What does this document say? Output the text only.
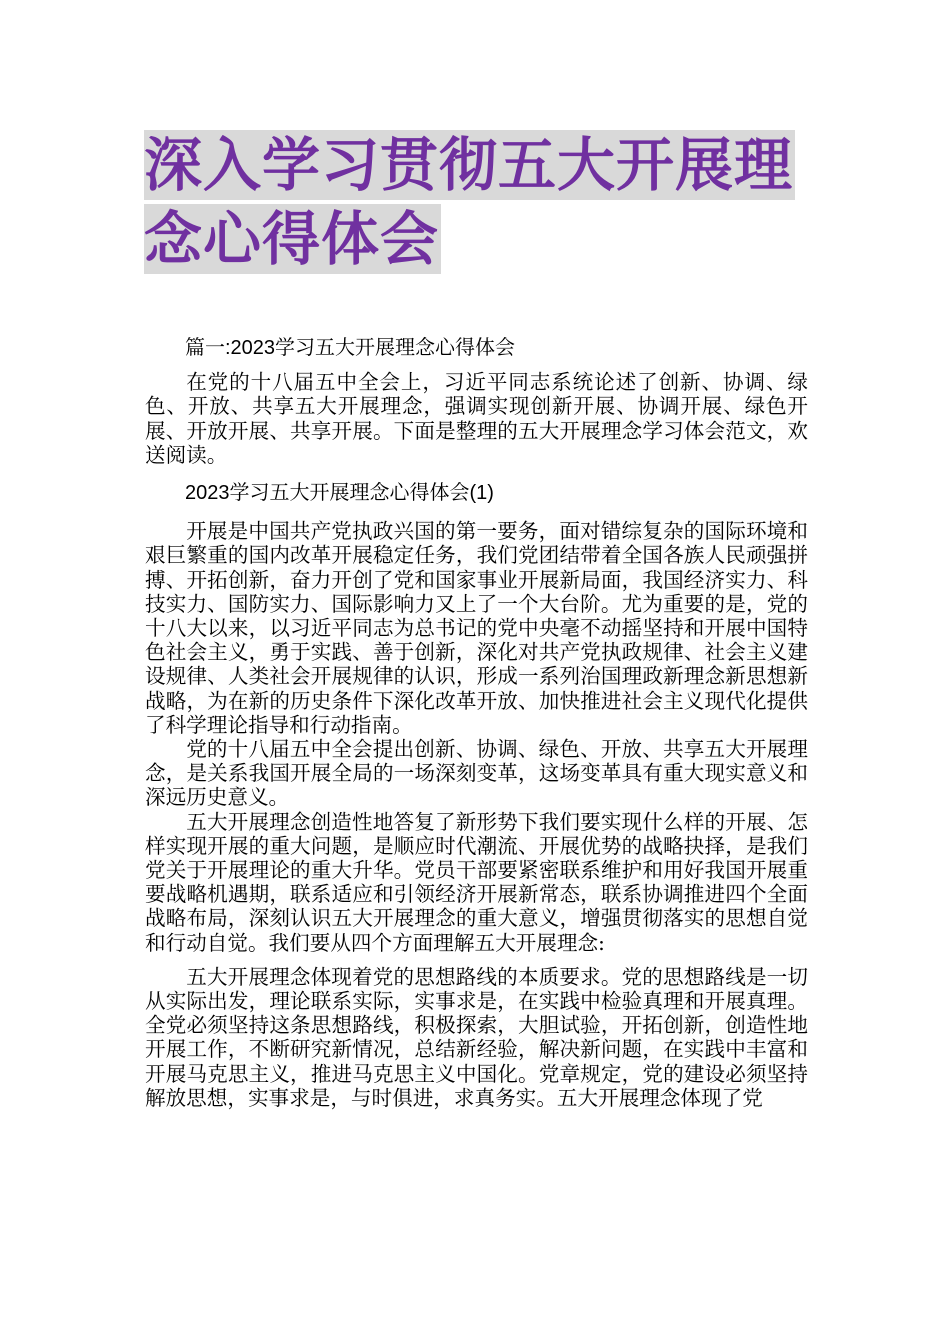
深入学习贯彻五大开展理
念心得体会

篇一:2023学习五大开展理念心得体会

在党的十八届五中全会上，习近平同志系统论述了创新、协调、绿色、开放、共享五大开展理念，强调实现创新开展、协调开展、绿色开展、开放开展、共享开展。下面是整理的五大开展理念学习体会范文，欢送阅读。

2023学习五大开展理念心得体会(1)

开展是中国共产党执政兴国的第一要务，面对错综复杂的国际环境和艰巨繁重的国内改革开展稳定任务，我们党团结带着全国各族人民顽强拼搏、开拓创新，奋力开创了党和国家事业开展新局面，我国经济实力、科技实力、国防实力、国际影响力又上了一个大台阶。尤为重要的是，党的十八大以来，以习近平同志为总书记的党中央毫不动摇坚持和开展中国特色社会主义，勇于实践、善于创新，深化对共产党执政规律、社会主义建设规律、人类社会开展规律的认识，形成一系列治国理政新理念新思想新战略，为在新的历史条件下深化改革开放、加快推进社会主义现代化提供了科学理论指导和行动指南。

党的十八届五中全会提出创新、协调、绿色、开放、共享五大开展理念，是关系我国开展全局的一场深刻变革，这场变革具有重大现实意义和深远历史意义。

五大开展理念创造性地答复了新形势下我们要实现什么样的开展、怎样实现开展的重大问题，是顺应时代潮流、开展优势的战略抉择，是我们党关于开展理论的重大升华。党员干部要紧密联系维护和用好我国开展重要战略机遇期，联系适应和引领经济开展新常态，联系协调推进四个全面战略布局，深刻认识五大开展理念的重大意义，增强贯彻落实的思想自觉和行动自觉。我们要从四个方面理解五大开展理念:

五大开展理念体现着党的思想路线的本质要求。党的思想路线是一切从实际出发，理论联系实际，实事求是，在实践中检验真理和开展真理。全党必须坚持这条思想路线，积极探索，大胆试验，开拓创新，创造性地开展工作，不断研究新情况，总结新经验，解决新问题，在实践中丰富和开展马克思主义，推进马克思主义中国化。党章规定，党的建设必须坚持解放思想，实事求是，与时俱进，求真务实。五大开展理念体现了党
